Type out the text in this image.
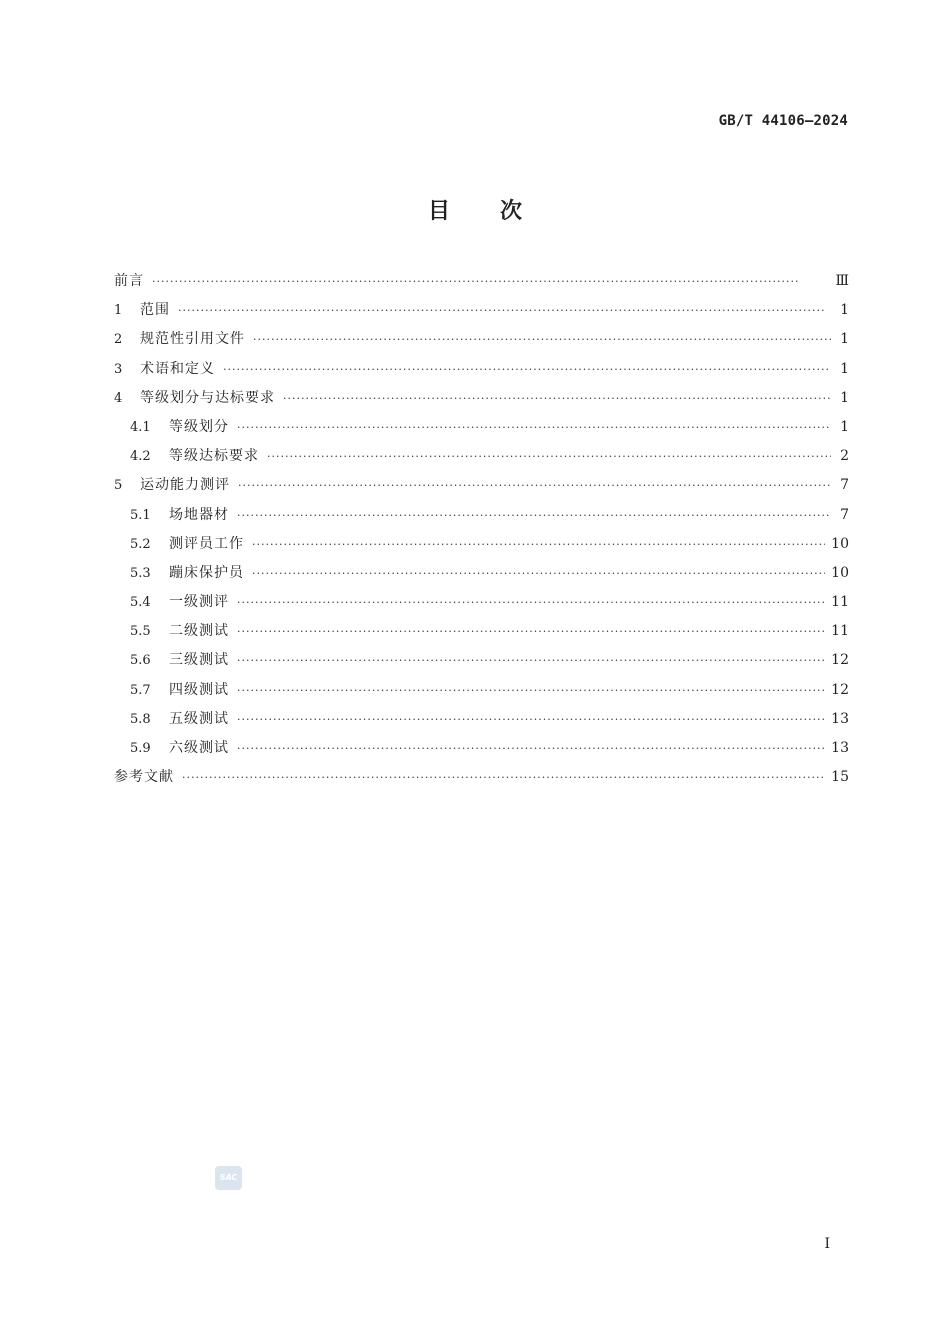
GB/T 44106—2024
目次
前言 ·····	Ⅲ
1	范围 ·····	1
2	规范性引用文件 ·····	1
3	术语和定义 ·····	1
4	等级划分与达标要求 ·····	1
4.1	等级划分 ·····	1
4.2	等级达标要求 ·····	2
5	运动能力测评 ·····	7
5.1	场地器材 ·····	7
5.2	测评员工作 ·····	10
5.3	蹦床保护员 ·····	10
5.4	一级测评 ·····	11
5.5	二级测试 ·····	11
5.6	三级测试 ·····	12
5.7	四级测试 ·····	12
5.8	五级测试 ·····	13
5.9	六级测试 ·····	13
参考文献 ·····	15
SAC
I
